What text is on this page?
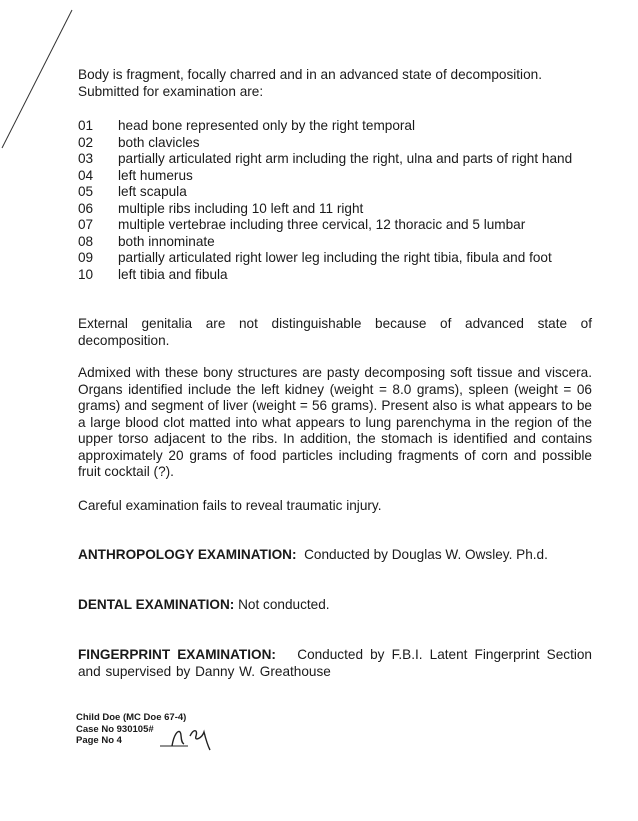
Body is fragment, focally charred and in an advanced state of decomposition.
Submitted for examination are:
01	head bone represented only by the right temporal
02	both clavicles
03	partially articulated right arm including the right, ulna and parts of right hand
04	left humerus
05	left scapula
06	multiple ribs including 10 left and 11 right
07	multiple vertebrae including three cervical, 12 thoracic and 5 lumbar
08	both innominate
09	partially articulated right lower leg including the right tibia, fibula and foot
10	left tibia and fibula
External genitalia are not distinguishable because of advanced state of decomposition.
Admixed with these bony structures are pasty decomposing soft tissue and viscera. Organs identified include the left kidney (weight = 8.0 grams), spleen (weight = 06 grams) and segment of liver (weight = 56 grams). Present also is what appears to be a large blood clot matted into what appears to lung parenchyma in the region of the upper torso adjacent to the ribs. In addition, the stomach is identified and contains approximately 20 grams of food particles including fragments of corn and possible fruit cocktail (?).
Careful examination fails to reveal traumatic injury.
ANTHROPOLOGY EXAMINATION: Conducted by Douglas W. Owsley. Ph.d.
DENTAL EXAMINATION: Not conducted.
FINGERPRINT EXAMINATION: Conducted by F.B.I. Latent Fingerprint Section and supervised by Danny W. Greathouse
Child Doe (MC Doe 67-4)
Case No 930105#
Page No 4
